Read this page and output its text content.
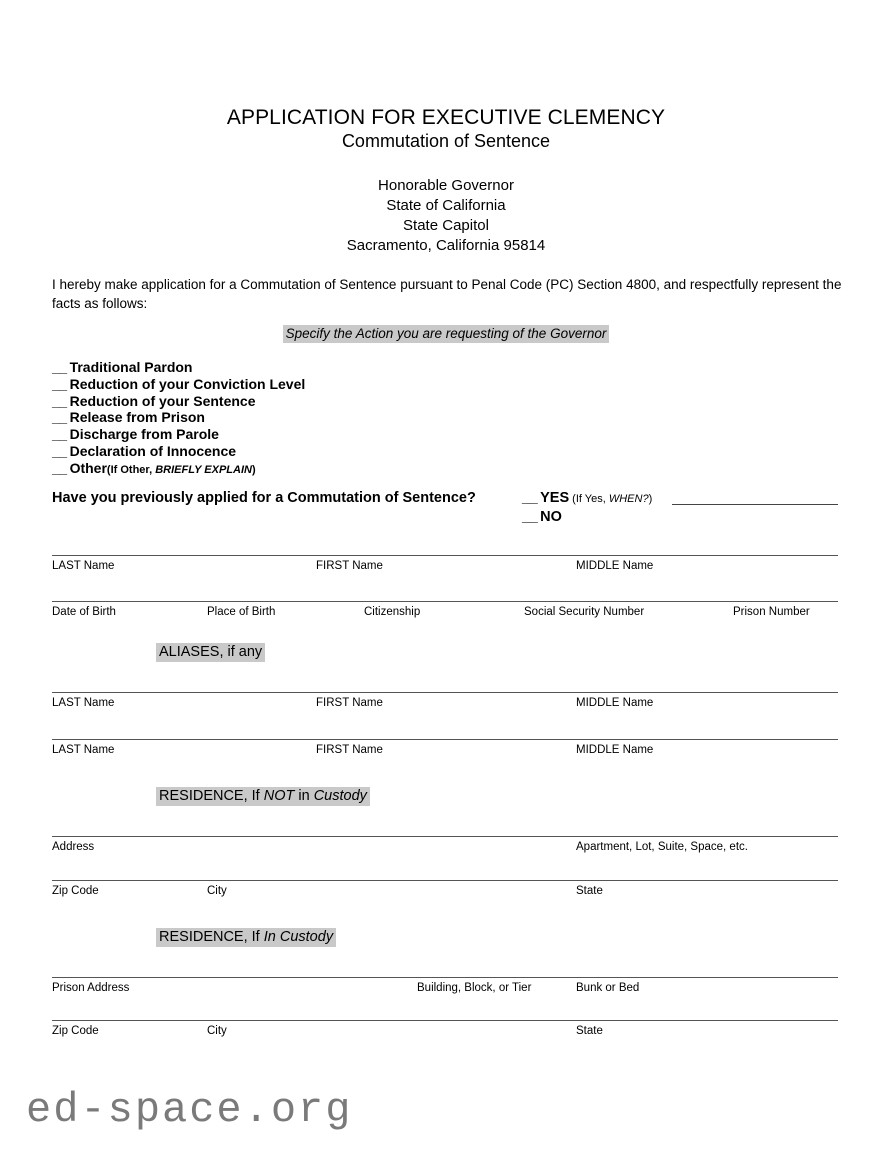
APPLICATION FOR EXECUTIVE CLEMENCY
Commutation of Sentence
Honorable Governor
State of California
State Capitol
Sacramento, California 95814
I hereby make application for a Commutation of Sentence pursuant to Penal Code (PC) Section 4800, and respectfully represent the facts as follows:
Specify the Action you are requesting of the Governor
__ Traditional Pardon
__ Reduction of your Conviction Level
__ Reduction of your Sentence
__ Release from Prison
__ Discharge from Parole
__ Declaration of Innocence
__ Other(If Other, BRIEFLY EXPLAIN)
Have you previously applied for a Commutation of Sentence?	__ YES (If Yes, WHEN?)
__ NO
LAST Name	FIRST Name	MIDDLE Name
Date of Birth	Place of Birth	Citizenship	Social Security Number	Prison Number
ALIASES, if any
LAST Name	FIRST Name	MIDDLE Name
LAST Name	FIRST Name	MIDDLE Name
RESIDENCE, If NOT in Custody
Address	Apartment, Lot, Suite, Space, etc.
Zip Code	City	State
RESIDENCE, If In Custody
Prison Address	Building, Block, or Tier	Bunk or Bed
Zip Code	City	State
ed-space.org
